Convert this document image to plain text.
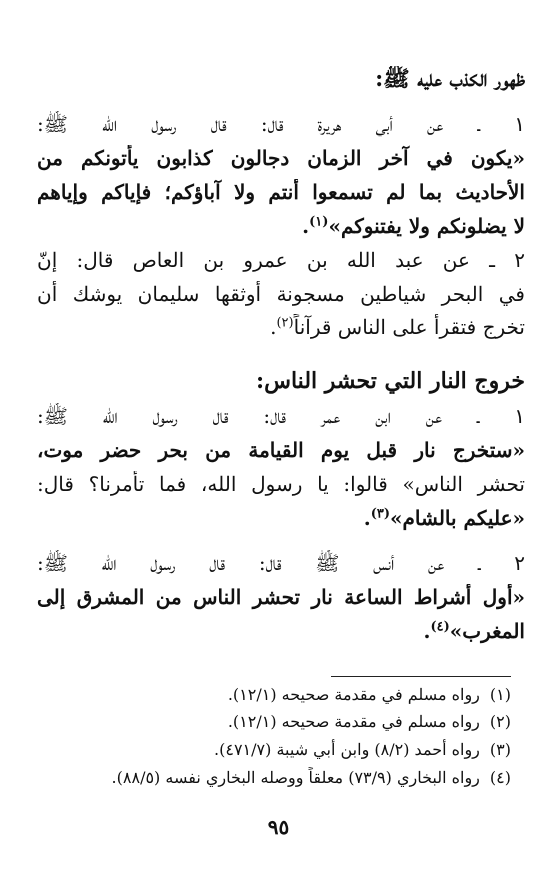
ظهور الكذب عليه ﷺ:
١ ـ عن أبي هريرة قال: قال رسول الله ﷺ:
«يكون في آخر الزمان دجالون كذابون يأتونكم من
الأحاديث بما لم تسمعوا أنتم ولا آباؤكم؛ فإياكم وإياهم
لا يضلونكم ولا يفتنوكم»$^{(١)}$.
٢ ـ عن عبد الله بن عمرو بن العاص قال: إنّ
في البحر شياطين مسجونة أوثقها سليمان يوشك أن
تخرج فتقرأ على الناس قرآناً$^{(٢)}$.
خروج النار التي تحشر الناس:
١ ـ عن ابن عمر قال: قال رسول الله ﷺ:
«ستخرج نار قبل يوم القيامة من بحر حضر موت،
تحشر الناس» قالوا: يا رسول الله، فما تأمرنا؟ قال:
«عليكم بالشام»$^{(٣)}$.
٢ ـ عن أنس ﷺ قال: قال رسول الله ﷺ:
«أول أشراط الساعة نار تحشر الناس من المشرق إلى
المغرب»$^{(٤)}$.
(١)رواه مسلم في مقدمة صحيحه (١٢/١).
(٢)رواه مسلم في مقدمة صحيحه (١٢/١).
(٣)رواه أحمد (٨/٢) وابن أبي شيبة (٤٧١/٧).
(٤)رواه البخاري (٧٣/٩) معلقاً ووصله البخاري نفسه (٨٨/٥).
٩٥
